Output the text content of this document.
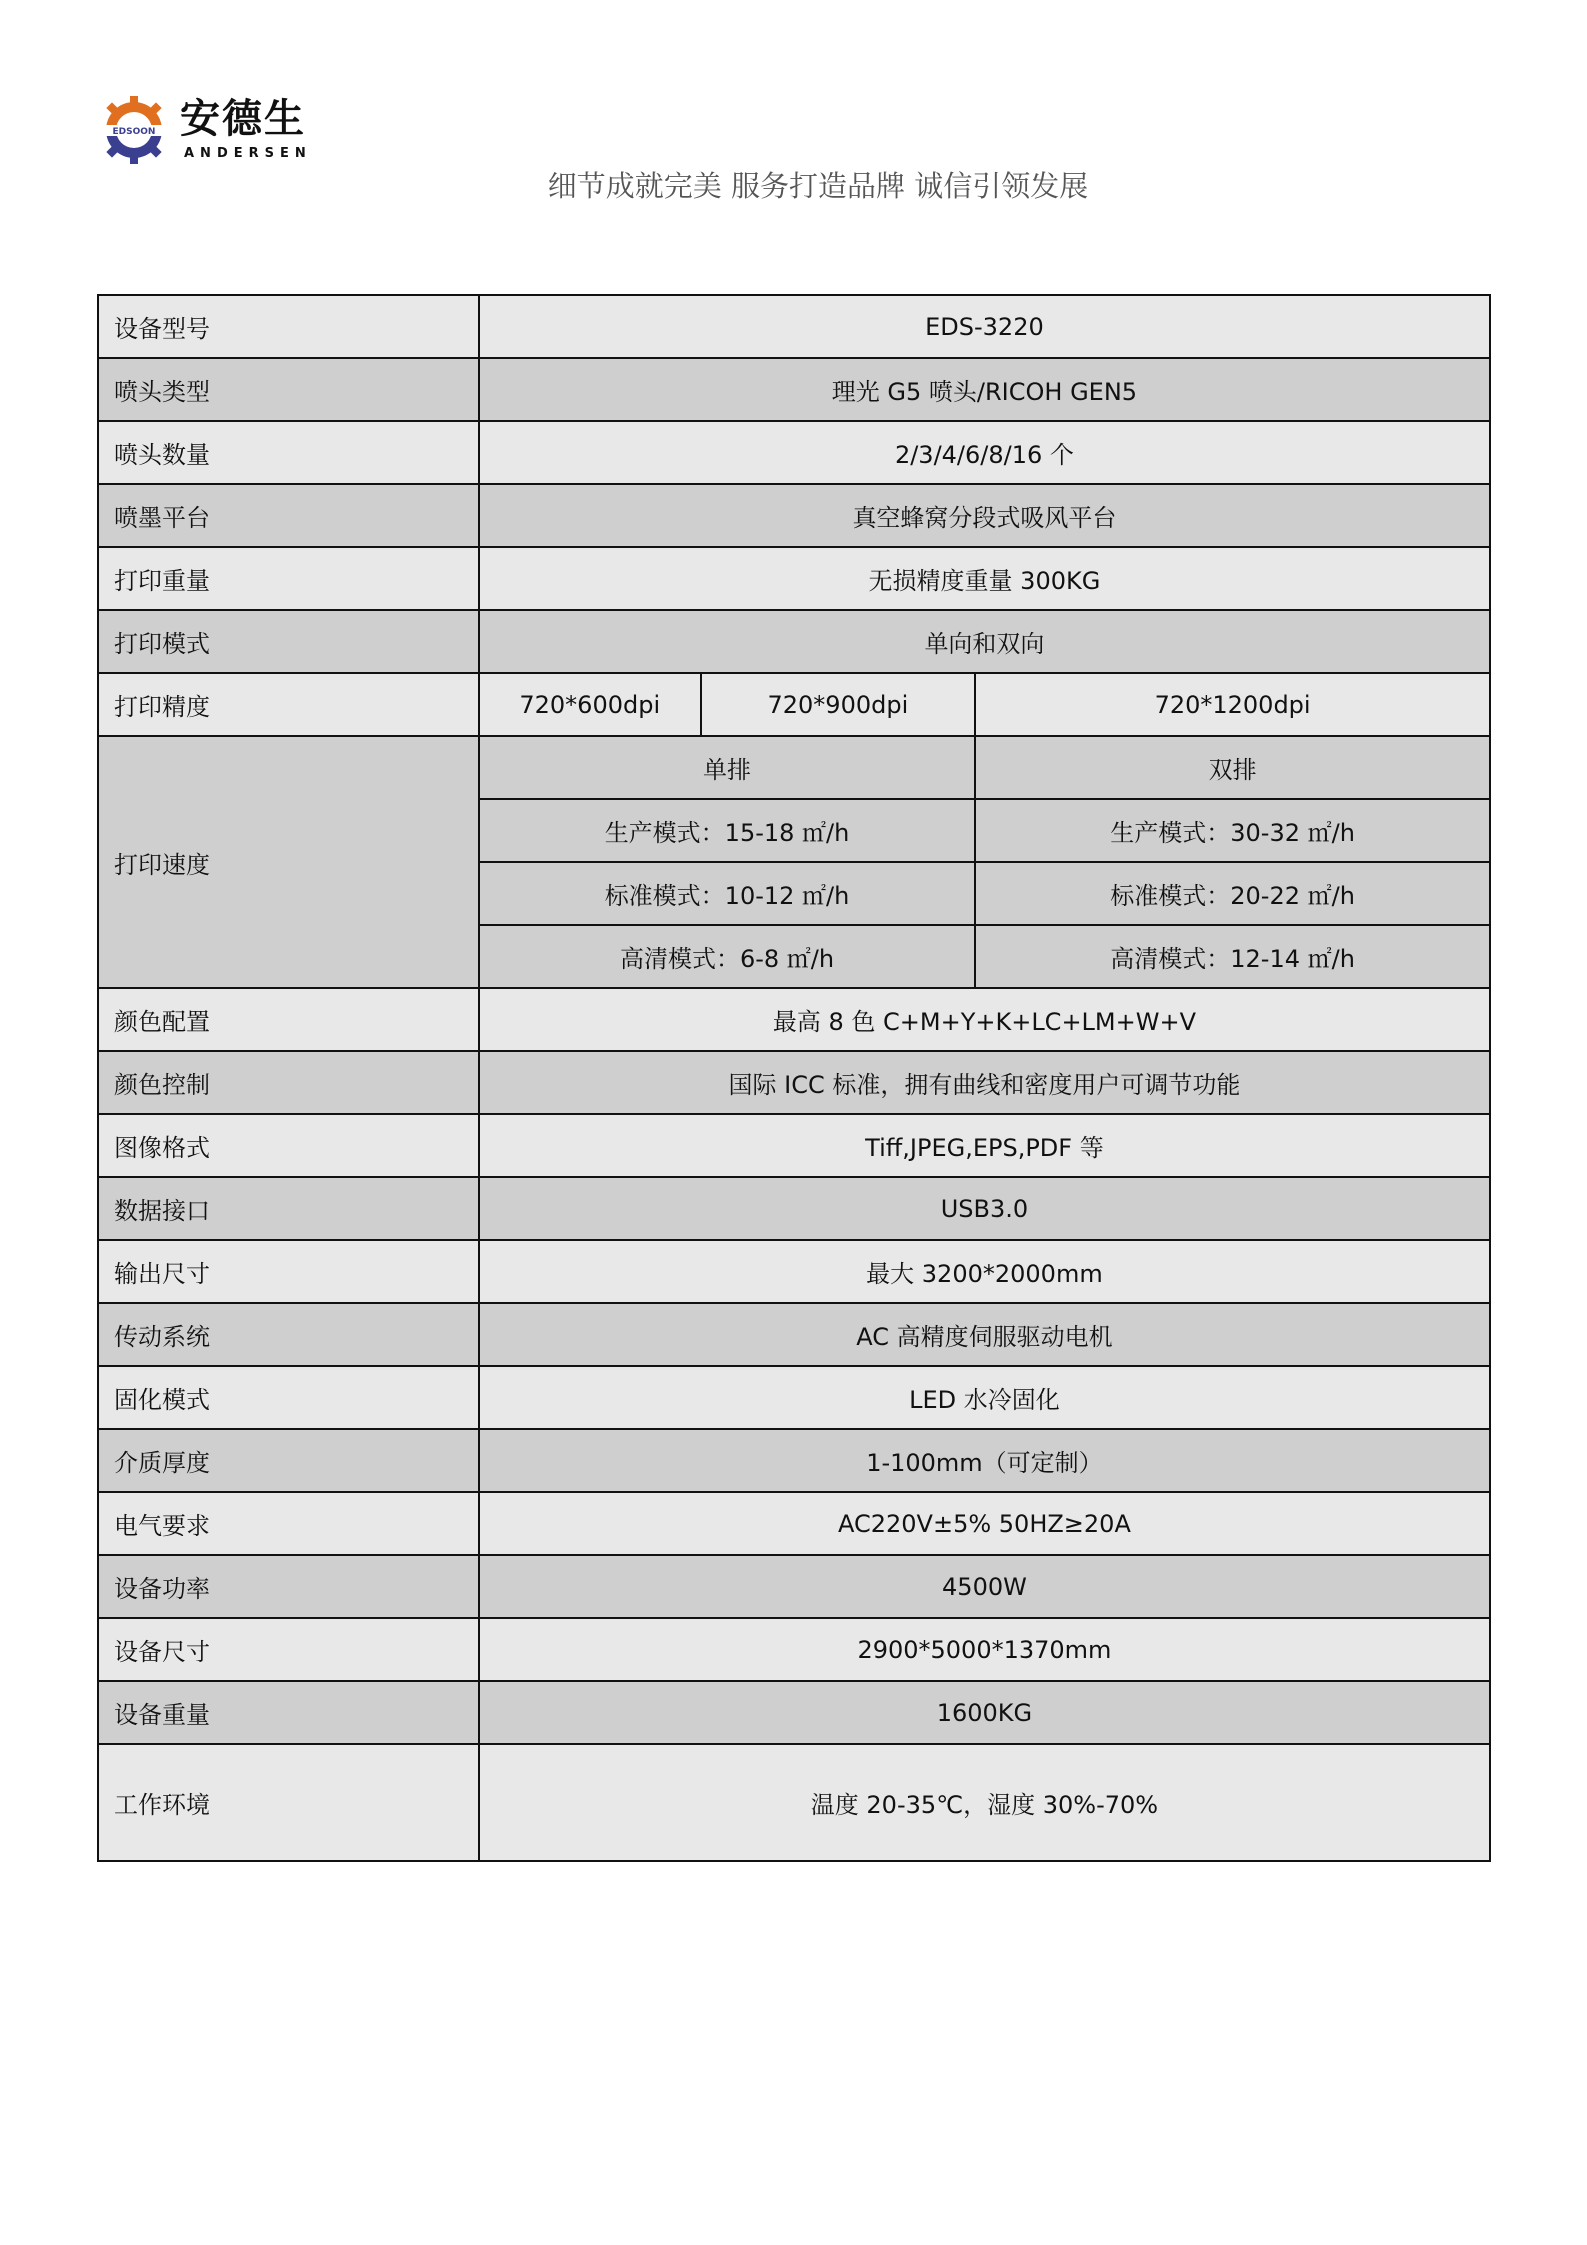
EDSOON 安德生
ANDERSEN
细节成就完美 服务打造品牌 诚信引领发展
设备型号	EDS-3220		
喷头类型	理光 G5 喷头/RICOH GEN5		
喷头数量	2/3/4/6/8/16 个		
喷墨平台	真空蜂窝分段式吸风平台		
打印重量	无损精度重量 300KG		
打印模式	单向和双向		
打印精度	720*600dpi	720*900dpi	720*1200dpi
打印速度	单排		双排
	生产模式：15-18 ㎡/h		生产模式：30-32 ㎡/h
	标准模式：10-12 ㎡/h		标准模式：20-22 ㎡/h
	高清模式：6-8 ㎡/h		高清模式：12-14 ㎡/h
颜色配置	最高 8 色 C+M+Y+K+LC+LM+W+V		
颜色控制	国际 ICC 标准，拥有曲线和密度用户可调节功能		
图像格式	Tiff,JPEG,EPS,PDF 等		
数据接口	USB3.0		
输出尺寸	最大 3200*2000mm		
传动系统	AC 高精度伺服驱动电机		
固化模式	LED 水冷固化		
介质厚度	1-100mm（可定制）		
电气要求	AC220V±5% 50HZ≥20A		
设备功率	4500W		
设备尺寸	2900*5000*1370mm		
设备重量	1600KG		
工作环境	温度 20-35℃，湿度 30%-70%		
